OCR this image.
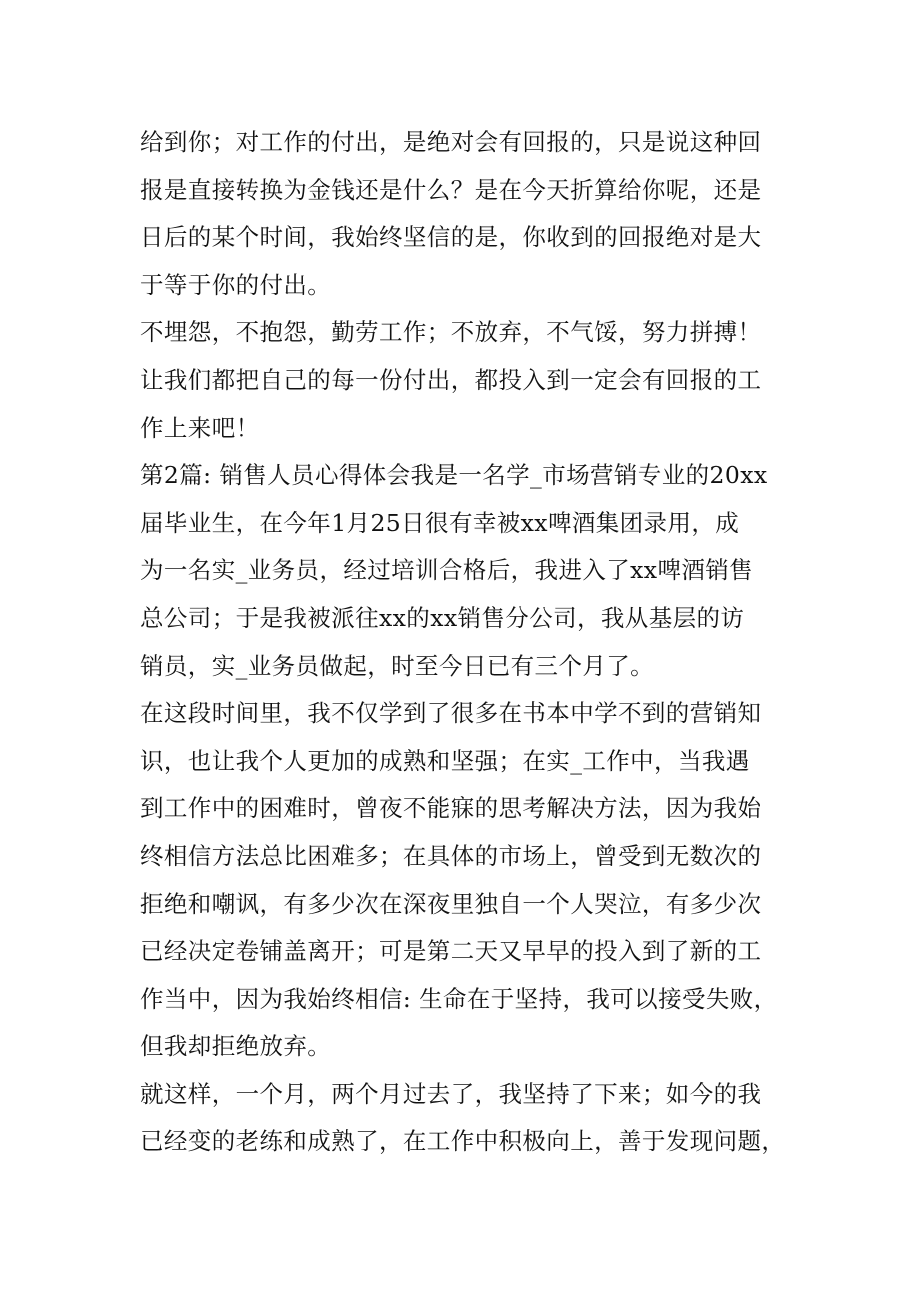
给到你；对工作的付出，是绝对会有回报的，只是说这种回
报是直接转换为金钱还是什么？是在今天折算给你呢，还是
日后的某个时间，我始终坚信的是，你收到的回报绝对是大
于等于你的付出。
不埋怨，不抱怨，勤劳工作；不放弃，不气馁，努力拼搏！
让我们都把自己的每一份付出，都投入到一定会有回报的工
作上来吧！
第2篇: 销售人员心得体会我是一名学_市场营销专业的20xx
届毕业生，在今年1月25日很有幸被xx啤酒集团录用，成
为一名实_业务员，经过培训合格后，我进入了xx啤酒销售
总公司；于是我被派往xx的xx销售分公司，我从基层的访
销员，实_业务员做起，时至今日已有三个月了。
在这段时间里，我不仅学到了很多在书本中学不到的营销知
识，也让我个人更加的成熟和坚强；在实_工作中，当我遇
到工作中的困难时，曾夜不能寐的思考解决方法，因为我始
终相信方法总比困难多；在具体的市场上，曾受到无数次的
拒绝和嘲讽，有多少次在深夜里独自一个人哭泣，有多少次
已经决定卷铺盖离开；可是第二天又早早的投入到了新的工
作当中，因为我始终相信: 生命在于坚持，我可以接受失败，
但我却拒绝放弃。
就这样，一个月，两个月过去了，我坚持了下来；如今的我
已经变的老练和成熟了，在工作中积极向上，善于发现问题，
